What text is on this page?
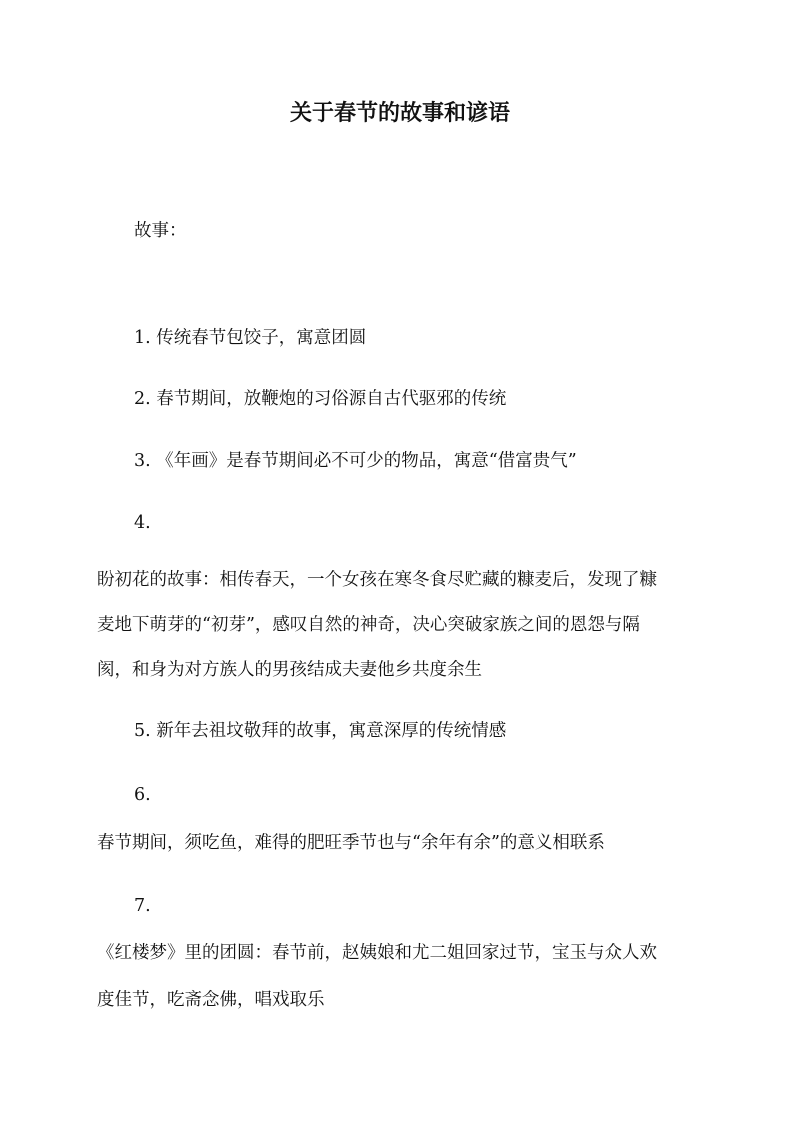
关于春节的故事和谚语

故事：

1. 传统春节包饺子，寓意团圆

2. 春节期间，放鞭炮的习俗源自古代驱邪的传统

3. 《年画》是春节期间必不可少的物品，寓意“借富贵气”

4.

盼初花的故事：相传春天，一个女孩在寒冬食尽贮藏的糠麦后，发现了糠

麦地下萌芽的“初芽”，感叹自然的神奇，决心突破家族之间的恩怨与隔

阂，和身为对方族人的男孩结成夫妻他乡共度余生

5. 新年去祖坟敬拜的故事，寓意深厚的传统情感

6.

春节期间，须吃鱼，难得的肥旺季节也与“余年有余”的意义相联系

7.

《红楼梦》里的团圆：春节前，赵姨娘和尤二姐回家过节，宝玉与众人欢

度佳节，吃斋念佛，唱戏取乐
